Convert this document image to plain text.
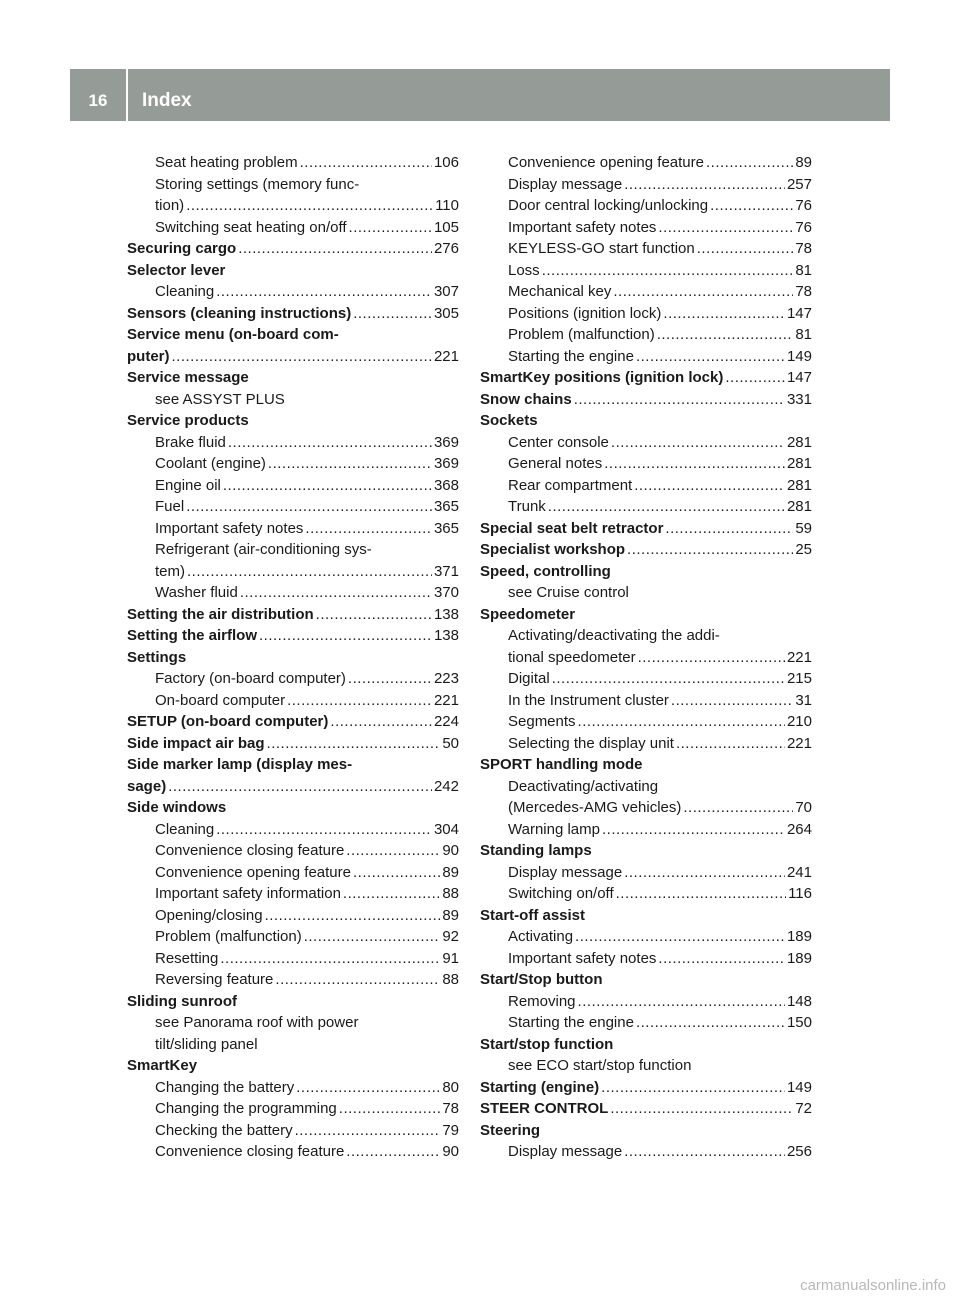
16	Index
Seat heating problem .....	106
Storing settings (memory func-
tion) .....	110
Switching seat heating on/off .....	105
Securing cargo .....	276
Selector lever
Cleaning .....	307
Sensors (cleaning instructions) .....	305
Service menu (on-board com-
puter) .....	221
Service message
see ASSYST PLUS
Service products
Brake fluid .....	369
Coolant (engine) .....	369
Engine oil .....	368
Fuel .....	365
Important safety notes .....	365
Refrigerant (air-conditioning sys-
tem) .....	371
Washer fluid .....	370
Setting the air distribution .....	138
Setting the airflow .....	138
Settings
Factory (on-board computer) .....	223
On-board computer .....	221
SETUP (on-board computer) .....	224
Side impact air bag .....	50
Side marker lamp (display mes-
sage) .....	242
Side windows
Cleaning .....	304
Convenience closing feature .....	90
Convenience opening feature .....	89
Important safety information .....	88
Opening/closing .....	89
Problem (malfunction) .....	92
Resetting .....	91
Reversing feature .....	88
Sliding sunroof
see Panorama roof with power
tilt/sliding panel
SmartKey
Changing the battery .....	80
Changing the programming .....	78
Checking the battery .....	79
Convenience closing feature .....	90
Convenience opening feature .....	89
Display message .....	257
Door central locking/unlocking .....	76
Important safety notes .....	76
KEYLESS-GO start function .....	78
Loss .....	81
Mechanical key .....	78
Positions (ignition lock) .....	147
Problem (malfunction) .....	81
Starting the engine .....	149
SmartKey positions (ignition lock) .....	147
Snow chains .....	331
Sockets
Center console .....	281
General notes .....	281
Rear compartment .....	281
Trunk .....	281
Special seat belt retractor .....	59
Specialist workshop .....	25
Speed, controlling
see Cruise control
Speedometer
Activating/deactivating the addi-
tional speedometer .....	221
Digital .....	215
In the Instrument cluster .....	31
Segments .....	210
Selecting the display unit .....	221
SPORT handling mode
Deactivating/activating
(Mercedes-AMG vehicles) .....	70
Warning lamp .....	264
Standing lamps
Display message .....	241
Switching on/off .....	116
Start-off assist
Activating .....	189
Important safety notes .....	189
Start/Stop button
Removing .....	148
Starting the engine .....	150
Start/stop function
see ECO start/stop function
Starting (engine) .....	149
STEER CONTROL .....	72
Steering
Display message .....	256
carmanualsonline.info
